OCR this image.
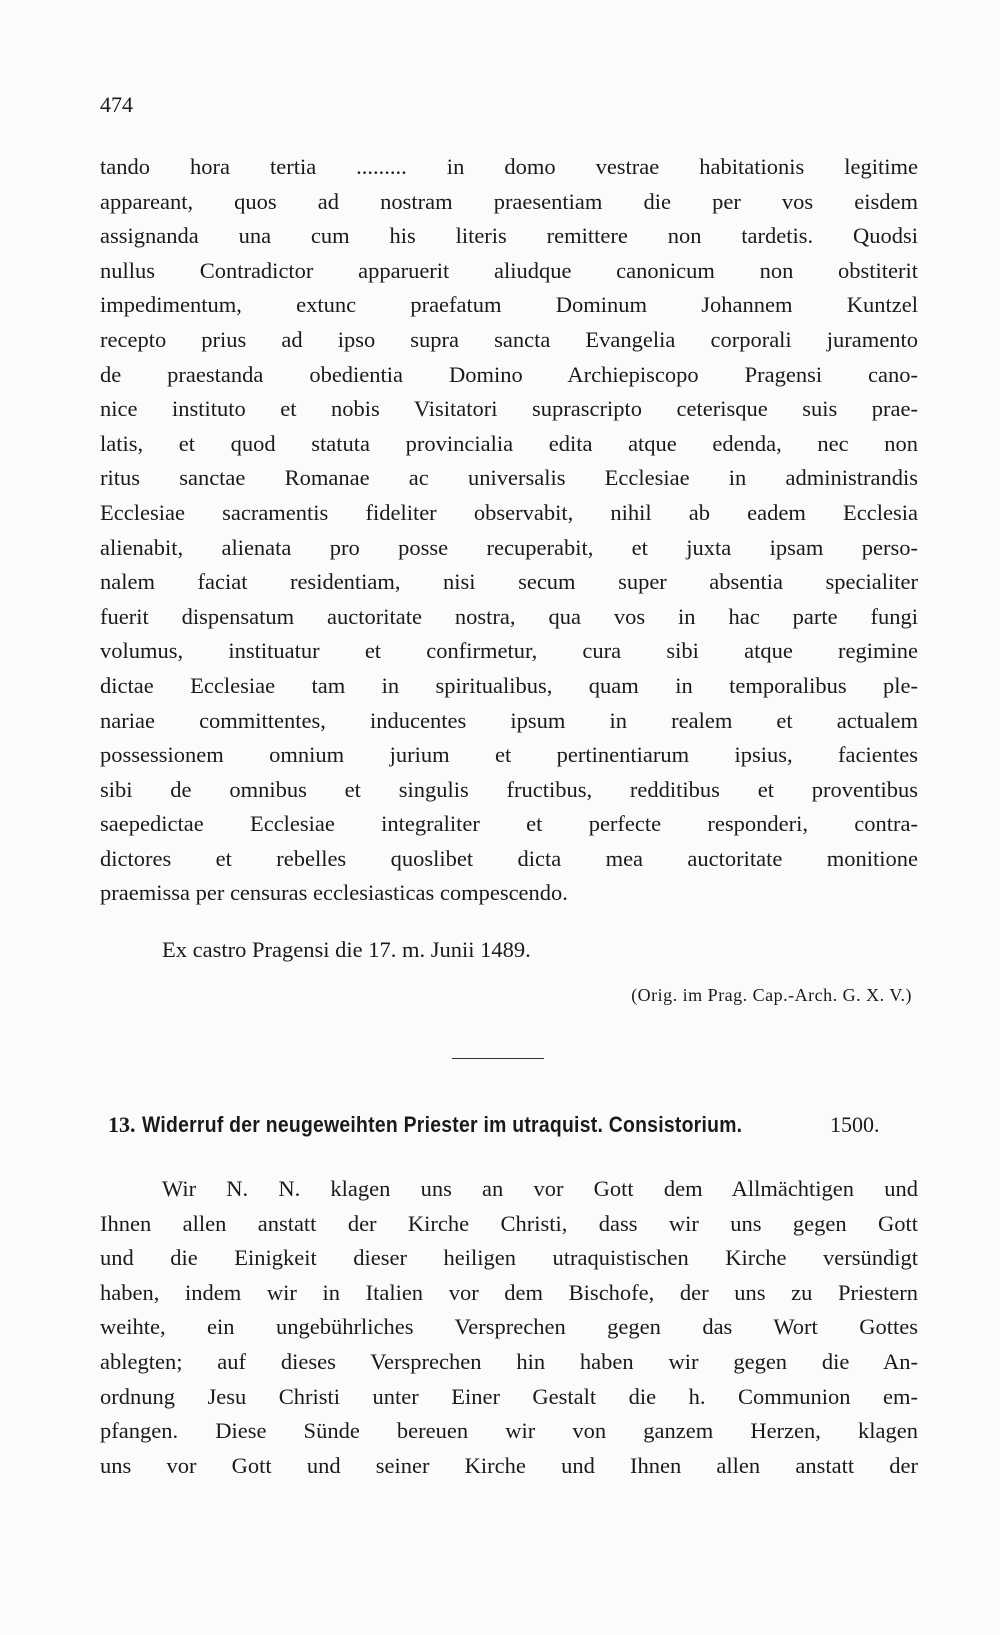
474
tando hora tertia ......... in domo vestrae habitationis legitime
appareant, quos ad nostram praesentiam die per vos eisdem
assignanda una cum his literis remittere non tardetis. Quodsi
nullus Contradictor apparuerit aliudque canonicum non obstiterit
impedimentum, extunc praefatum Dominum Johannem Kuntzel
recepto prius ad ipso supra sancta Evangelia corporali juramento
de praestanda obedientia Domino Archiepiscopo Pragensi cano-
nice instituto et nobis Visitatori suprascripto ceterisque suis prae-
latis, et quod statuta provincialia edita atque edenda, nec non
ritus sanctae Romanae ac universalis Ecclesiae in administrandis
Ecclesiae sacramentis fideliter observabit, nihil ab eadem Ecclesia
alienabit, alienata pro posse recuperabit, et juxta ipsam perso-
nalem faciat residentiam, nisi secum super absentia specialiter
fuerit dispensatum auctoritate nostra, qua vos in hac parte fungi
volumus, instituatur et confirmetur, cura sibi atque regimine
dictae Ecclesiae tam in spiritualibus, quam in temporalibus ple-
nariae committentes, inducentes ipsum in realem et actualem
possessionem omnium jurium et pertinentiarum ipsius, facientes
sibi de omnibus et singulis fructibus, redditibus et proventibus
saepedictae Ecclesiae integraliter et perfecte responderi, contra-
dictores et rebelles quoslibet dicta mea auctoritate monitione
praemissa per censuras ecclesiasticas compescendo.
Ex castro Pragensi die 17. m. Junii 1489.
(Orig. im Prag. Cap.-Arch. G. X. V.)
13. Widerruf der neugeweihten Priester im utraquist. Consistorium.	1500.
Wir N. N. klagen uns an vor Gott dem Allmächtigen und
Ihnen allen anstatt der Kirche Christi, dass wir uns gegen Gott
und die Einigkeit dieser heiligen utraquistischen Kirche versündigt
haben, indem wir in Italien vor dem Bischofe, der uns zu Priestern
weihte, ein ungebührliches Versprechen gegen das Wort Gottes
ablegten; auf dieses Versprechen hin haben wir gegen die An-
ordnung Jesu Christi unter Einer Gestalt die h. Communion em-
pfangen. Diese Sünde bereuen wir von ganzem Herzen, klagen
uns vor Gott und seiner Kirche und Ihnen allen anstatt der
